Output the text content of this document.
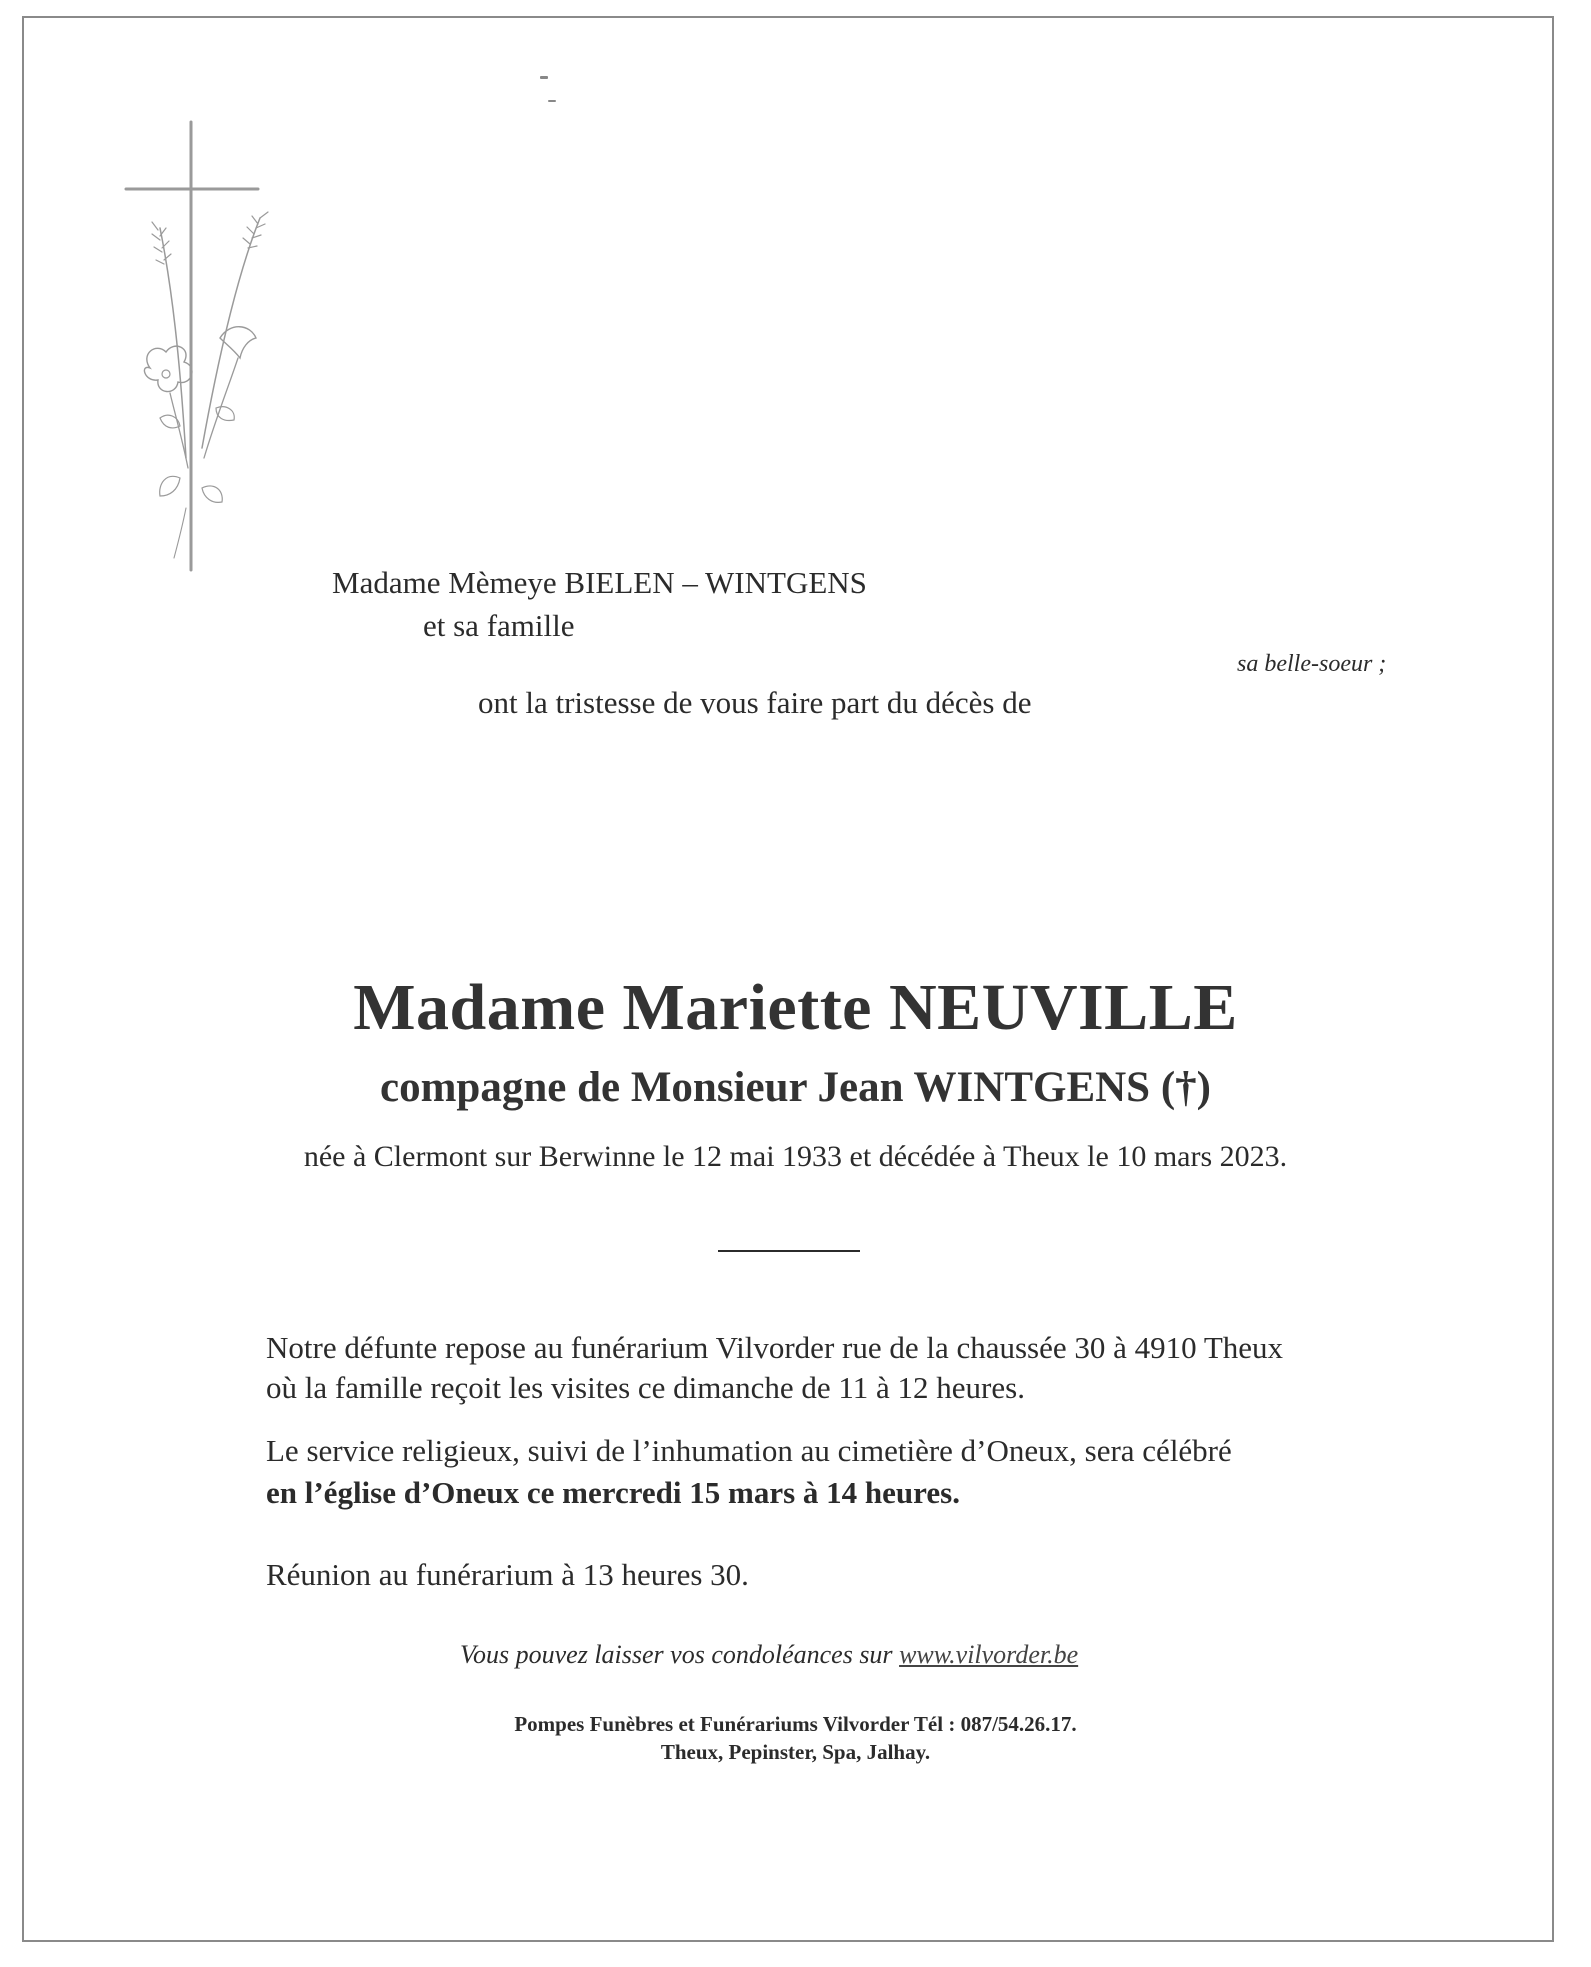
Madame Mèmeye BIELEN – WINTGENS
et sa famille
sa belle-soeur ;
ont la tristesse de vous faire part du décès de
Madame Mariette NEUVILLE
compagne de Monsieur Jean WINTGENS (†)
née à Clermont sur Berwinne le 12 mai 1933 et décédée à Theux le 10 mars 2023.
Notre défunte repose au funérarium Vilvorder rue de la chaussée 30 à 4910 Theux
où la famille reçoit les visites ce dimanche de 11 à 12 heures.
Le service religieux, suivi de l’inhumation au cimetière d’Oneux, sera célébré
en l’église d’Oneux ce mercredi 15 mars à 14 heures.
Réunion au funérarium à 13 heures 30.
Vous pouvez laisser vos condoléances sur www.vilvorder.be
Pompes Funèbres et Funérariums Vilvorder Tél : 087/54.26.17.
Theux, Pepinster, Spa, Jalhay.
